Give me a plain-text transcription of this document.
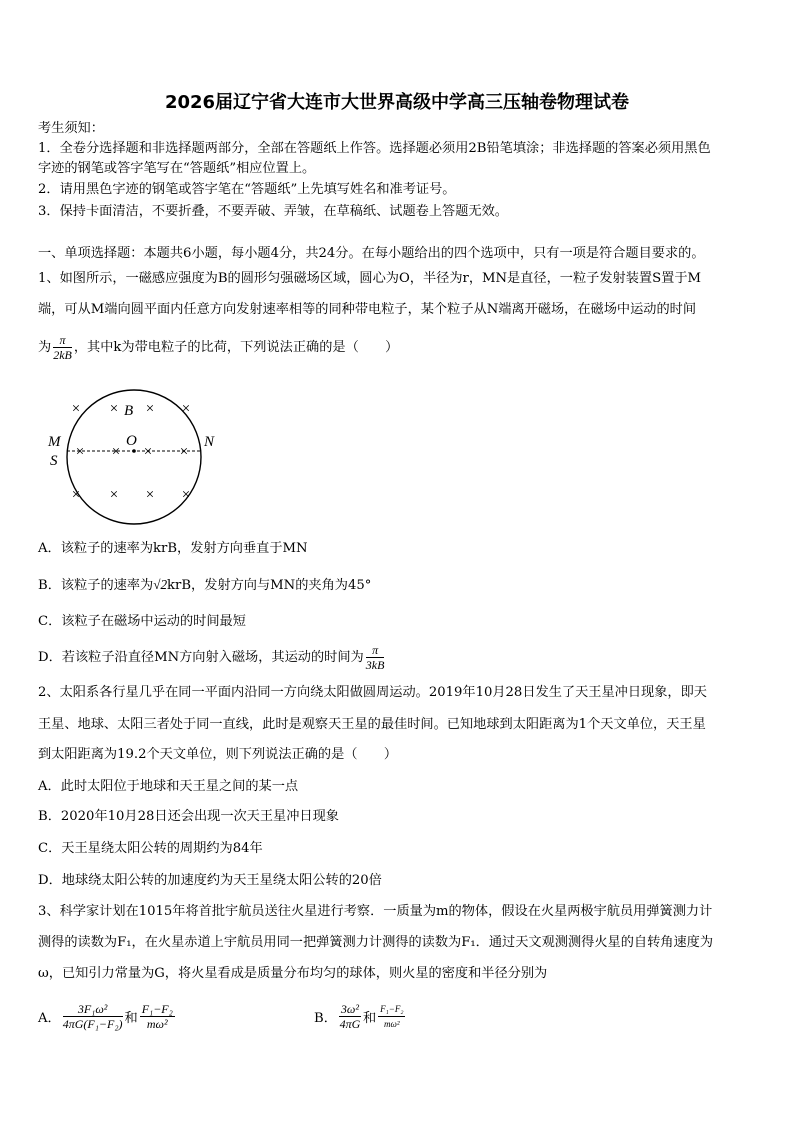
2026届辽宁省大连市大世界高级中学高三压轴卷物理试卷
考生须知：
1．全卷分选择题和非选择题两部分，全部在答题纸上作答。选择题必须用2B铅笔填涂；非选择题的答案必须用黑色
字迹的钢笔或答字笔写在“答题纸”相应位置上。
2．请用黑色字迹的钢笔或答字笔在“答题纸”上先填写姓名和准考证号。
3．保持卡面清洁，不要折叠，不要弄破、弄皱，在草稿纸、试题卷上答题无效。
一、单项选择题：本题共6小题，每小题4分，共24分。在每小题给出的四个选项中，只有一项是符合题目要求的。
1、如图所示，一磁感应强度为B的圆形匀强磁场区域，圆心为O，半径为r，MN是直径，一粒子发射装置S置于M
端，可从M端向圆平面内任意方向发射速率相等的同种带电粒子，某个粒子从N端离开磁场，在磁场中运动的时间
为 $\frac{\pi}{2kB}$ ，其中k为带电粒子的比荷，下列说法正确的是（　　）
× × × ×
× × × ×
× × × ×
B
O
M
S
N
A．该粒子的速率为krB，发射方向垂直于MN
B．该粒子的速率为√2krB，发射方向与MN的夹角为45°
C．该粒子在磁场中运动的时间最短
D．若该粒子沿直径MN方向射入磁场，其运动的时间为 $\frac{\pi}{3kB}$
2、太阳系各行星几乎在同一平面内沿同一方向绕太阳做圆周运动。2019年10月28日发生了天王星冲日现象，即天
王星、地球、太阳三者处于同一直线，此时是观察天王星的最佳时间。已知地球到太阳距离为1个天文单位，天王星
到太阳距离为19.2个天文单位，则下列说法正确的是（　　）
A．此时太阳位于地球和天王星之间的某一点
B．2020年10月28日还会出现一次天王星冲日现象
C．天王星绕太阳公转的周期约为84年
D．地球绕太阳公转的加速度约为天王星绕太阳公转的20倍
3、科学家计划在1015年将首批宇航员送往火星进行考察．一质量为m的物体，假设在火星两极宇航员用弹簧测力计
测得的读数为F₁，在火星赤道上宇航员用同一把弹簧测力计测得的读数为F₁．通过天文观测测得火星的自转角速度为
ω，已知引力常量为G，将火星看成是质量分布均匀的球体，则火星的密度和半径分别为
A． $\frac{\text{3F₁ω²}}{\text{4πG(F₁−F₂)}}$ 和 $\frac{\text{F₁−F₂}}{\text{mω²}}$	B． $\frac{\text{3ω²}}{4\pi G}$ 和 $\frac{\text{F₁−F₂}}{\text{mω²}}$
